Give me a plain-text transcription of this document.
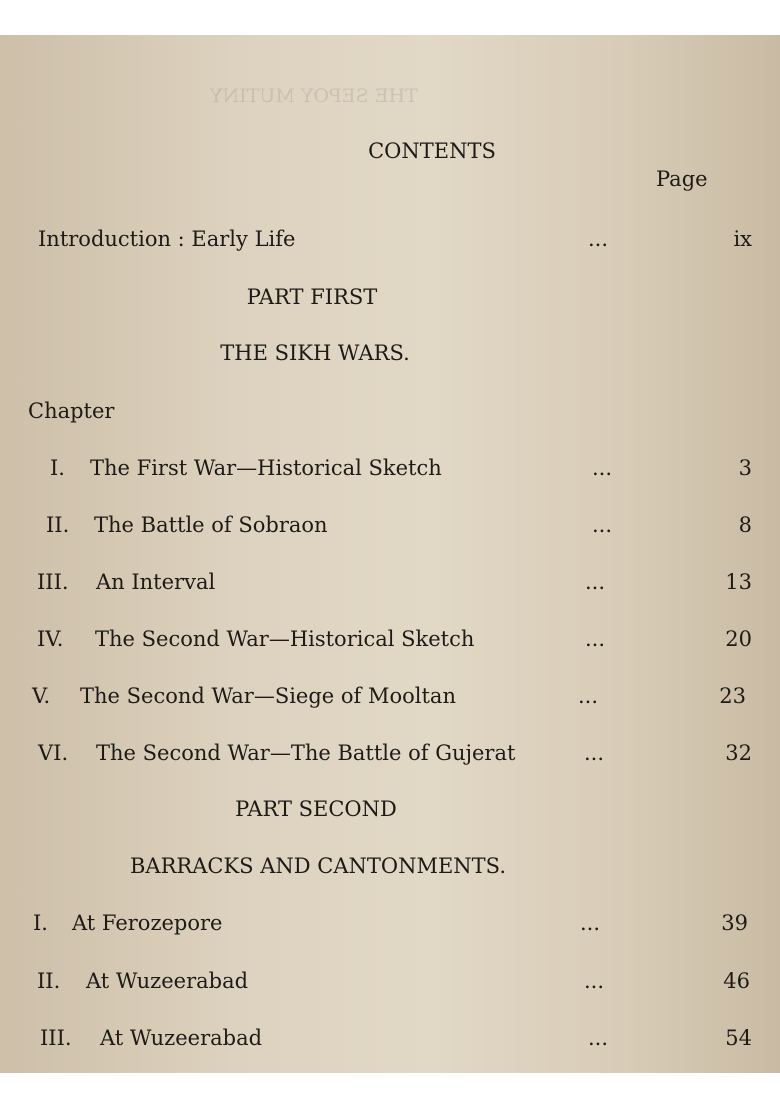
THE SEPOY MUTINY
CONTENTS
Page
Introduction : Early Life	...	ix
PART FIRST
THE SIKH WARS.
Chapter
I. The First War—Historical Sketch	...	3
II. The Battle of Sobraon	...	8
III. An Interval	...	13
IV. The Second War—Historical Sketch	...	20
V. The Second War—Siege of Mooltan	...	23
VI. The Second War—The Battle of Gujerat	...	32
PART SECOND
BARRACKS AND CANTONMENTS.
I. At Ferozepore	...	39
II. At Wuzeerabad	...	46
III. At Wuzeerabad	...	54
